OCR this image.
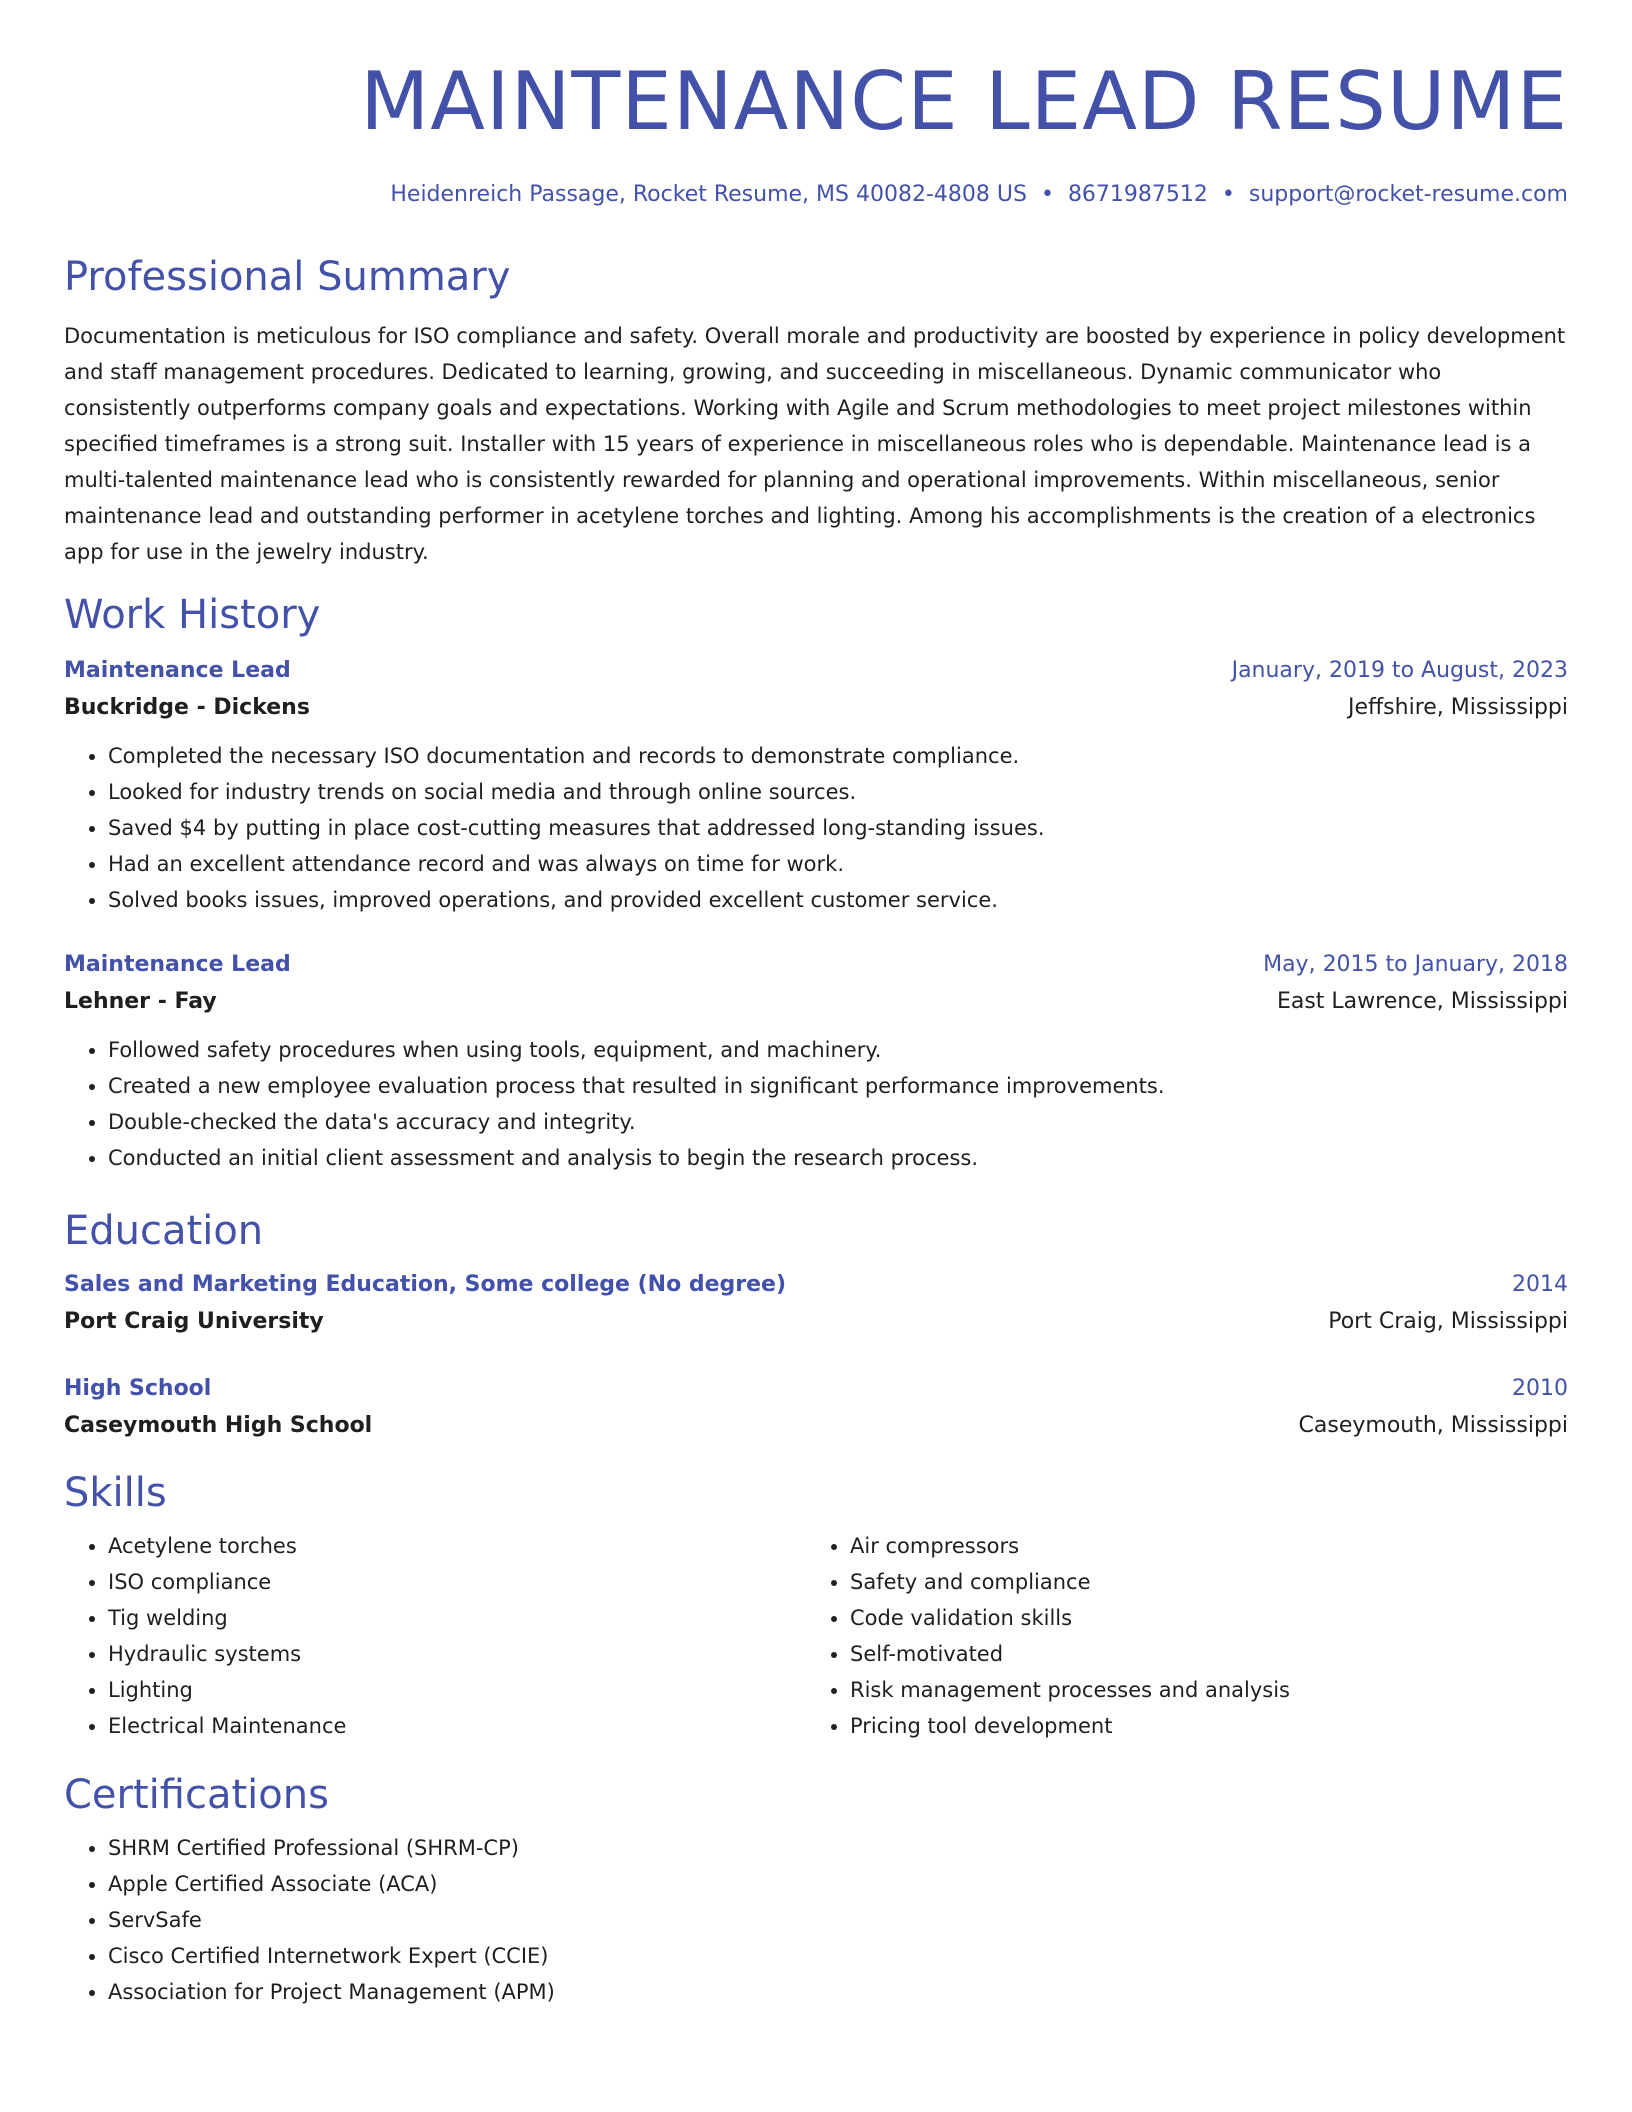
MAINTENANCE LEAD RESUME
Heidenreich Passage, Rocket Resume, MS 40082-4808 US • 8671987512 • support@rocket-resume.com
Professional Summary
Documentation is meticulous for ISO compliance and safety. Overall morale and productivity are boosted by experience in policy development and staff management procedures. Dedicated to learning, growing, and succeeding in miscellaneous. Dynamic communicator who consistently outperforms company goals and expectations. Working with Agile and Scrum methodologies to meet project milestones within specified timeframes is a strong suit. Installer with 15 years of experience in miscellaneous roles who is dependable. Maintenance lead is a multi-talented maintenance lead who is consistently rewarded for planning and operational improvements. Within miscellaneous, senior maintenance lead and outstanding performer in acetylene torches and lighting. Among his accomplishments is the creation of a electronics app for use in the jewelry industry.
Work History
Maintenance Lead	January, 2019 to August, 2023
Buckridge - Dickens	Jeffshire, Mississippi
• Completed the necessary ISO documentation and records to demonstrate compliance.
• Looked for industry trends on social media and through online sources.
• Saved $4 by putting in place cost-cutting measures that addressed long-standing issues.
• Had an excellent attendance record and was always on time for work.
• Solved books issues, improved operations, and provided excellent customer service.
Maintenance Lead	May, 2015 to January, 2018
Lehner - Fay	East Lawrence, Mississippi
• Followed safety procedures when using tools, equipment, and machinery.
• Created a new employee evaluation process that resulted in significant performance improvements.
• Double-checked the data's accuracy and integrity.
• Conducted an initial client assessment and analysis to begin the research process.
Education
Sales and Marketing Education, Some college (No degree)	2014
Port Craig University	Port Craig, Mississippi
High School	2010
Caseymouth High School	Caseymouth, Mississippi
Skills
• Acetylene torches
• ISO compliance
• Tig welding
• Hydraulic systems
• Lighting
• Electrical Maintenance
• Air compressors
• Safety and compliance
• Code validation skills
• Self-motivated
• Risk management processes and analysis
• Pricing tool development
Certifications
• SHRM Certified Professional (SHRM-CP)
• Apple Certified Associate (ACA)
• ServSafe
• Cisco Certified Internetwork Expert (CCIE)
• Association for Project Management (APM)
